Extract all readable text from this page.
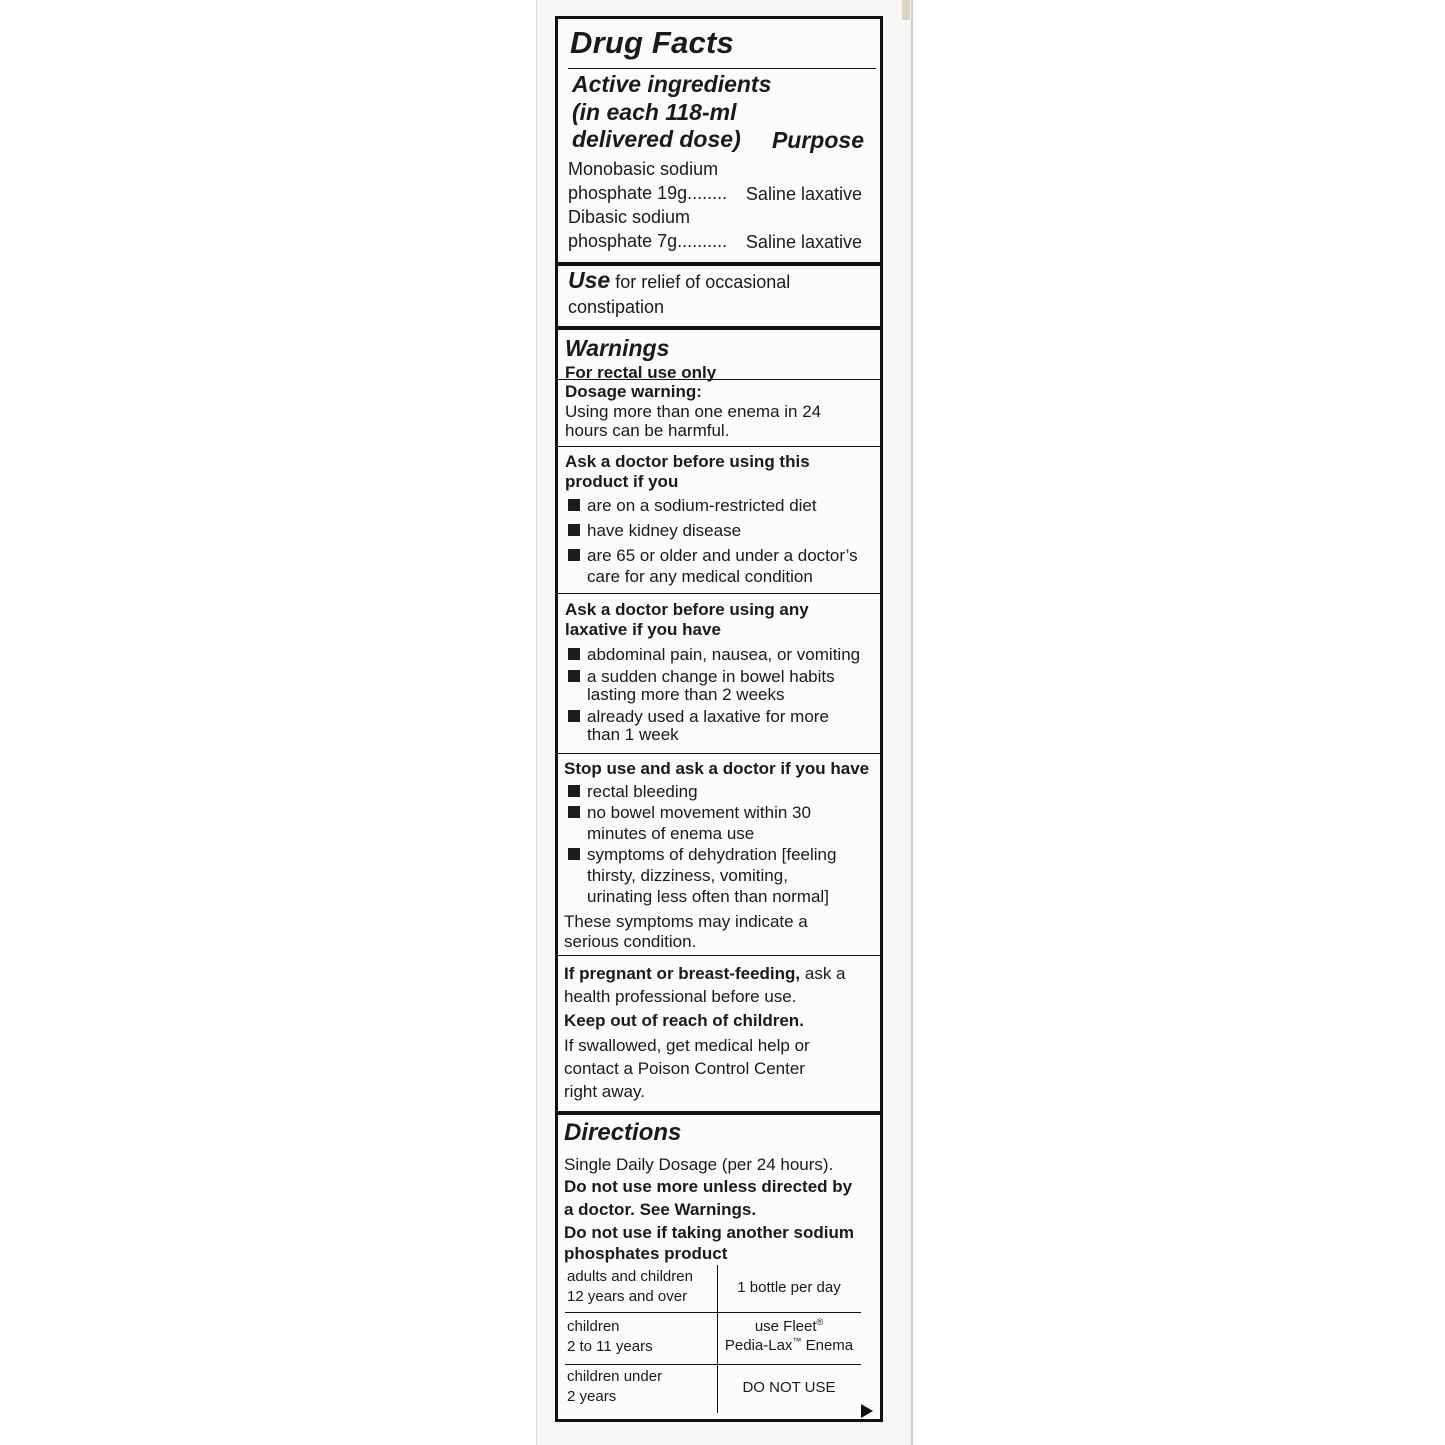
Drug Facts
Active ingredients
(in each 118-ml
delivered dose)	Purpose
Monobasic sodium
phosphate 19g........ Saline laxative
Dibasic sodium
phosphate 7g.......... Saline laxative
Use for relief of occasional
constipation
Warnings
For rectal use only
Dosage warning:
Using more than one enema in 24
hours can be harmful.
Ask a doctor before using this
product if you
are on a sodium-restricted diet
have kidney disease
are 65 or older and under a doctor’s
care for any medical condition
Ask a doctor before using any
laxative if you have
abdominal pain, nausea, or vomiting
a sudden change in bowel habits
lasting more than 2 weeks
already used a laxative for more
than 1 week
Stop use and ask a doctor if you have
rectal bleeding
no bowel movement within 30
minutes of enema use
symptoms of dehydration [feeling
thirsty, dizziness, vomiting,
urinating less often than normal]
These symptoms may indicate a
serious condition.
If pregnant or breast-feeding, ask a
health professional before use.
Keep out of reach of children.
If swallowed, get medical help or
contact a Poison Control Center
right away.
Directions
Single Daily Dosage (per 24 hours).
Do not use more unless directed by
a doctor. See Warnings.
Do not use if taking another sodium
phosphates product
adults and children
12 years and over
1 bottle per day
children
2 to 11 years
use Fleet®
Pedia-Lax™ Enema
children under
2 years
DO NOT USE
